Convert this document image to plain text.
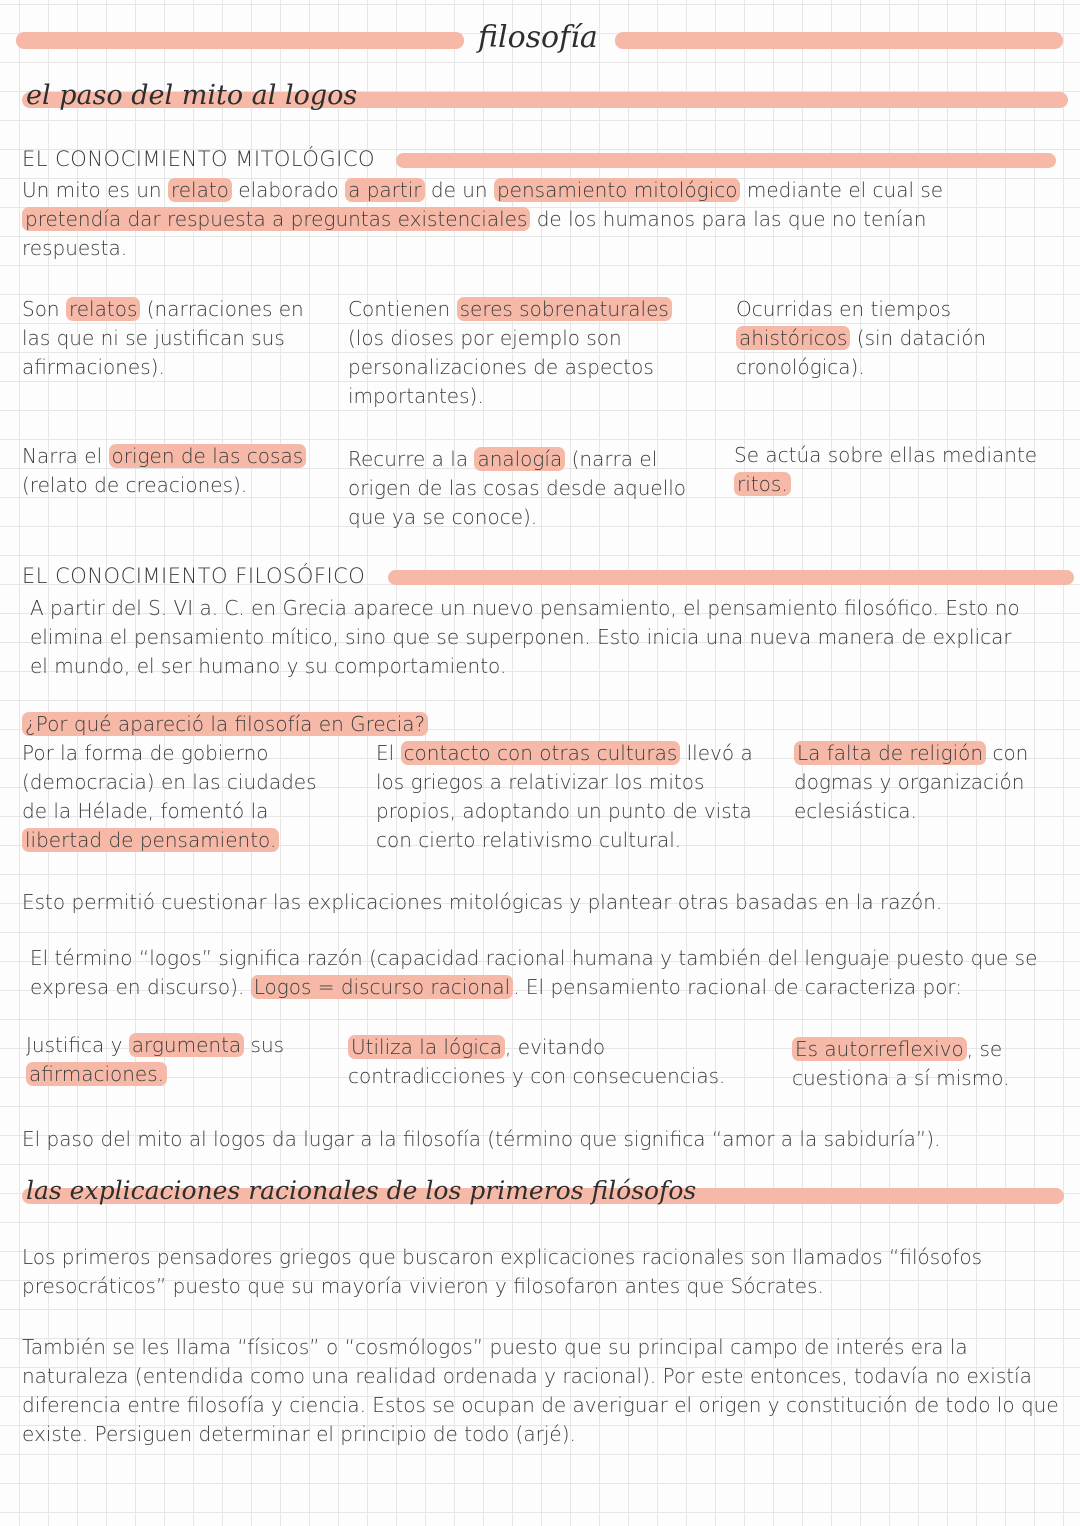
filosofía
el paso del mito al logos
EL CONOCIMIENTO MITOLÓGICO
Un mito es un relato elaborado a partir de un pensamiento mitológico mediante el cual se pretendía dar respuesta a preguntas existenciales de los humanos para las que no tenían respuesta.
Son relatos (narraciones en las que ni se justifican sus afirmaciones).
Contienen seres sobrenaturales (los dioses por ejemplo son personalizaciones de aspectos importantes).
Ocurridas en tiempos ahistóricos (sin datación cronológica).
Narra el origen de las cosas (relato de creaciones).
Recurre a la analogía (narra el origen de las cosas desde aquello que ya se conoce).
Se actúa sobre ellas mediante ritos.
EL CONOCIMIENTO FILOSÓFICO
A partir del S. VI a. C. en Grecia aparece un nuevo pensamiento, el pensamiento filosófico. Esto no elimina el pensamiento mítico, sino que se superponen. Esto inicia una nueva manera de explicar el mundo, el ser humano y su comportamiento.
¿Por qué apareció la filosofía en Grecia?
Por la forma de gobierno (democracia) en las ciudades de la Hélade, fomentó la libertad de pensamiento.
El contacto con otras culturas llevó a los griegos a relativizar los mitos propios, adoptando un punto de vista con cierto relativismo cultural.
La falta de religión con dogmas y organización eclesiástica.
Esto permitió cuestionar las explicaciones mitológicas y plantear otras basadas en la razón.
El término “logos” significa razón (capacidad racional humana y también del lenguaje puesto que se expresa en discurso). Logos = discurso racional . El pensamiento racional de caracteriza por:
Justifica y argumenta sus afirmaciones.
Utiliza la lógica , evitando contradicciones y con consecuencias.
Es autorreflexivo , se cuestiona a sí mismo.
El paso del mito al logos da lugar a la filosofía (término que significa “amor a la sabiduría”).
las explicaciones racionales de los primeros filósofos
Los primeros pensadores griegos que buscaron explicaciones racionales son llamados “filósofos presocráticos” puesto que su mayoría vivieron y filosofaron antes que Sócrates.
También se les llama “físicos” o “cosmólogos” puesto que su principal campo de interés era la naturaleza (entendida como una realidad ordenada y racional). Por este entonces, todavía no existía diferencia entre filosofía y ciencia. Estos se ocupan de averiguar el origen y constitución de todo lo que existe. Persiguen determinar el principio de todo (arjé).
